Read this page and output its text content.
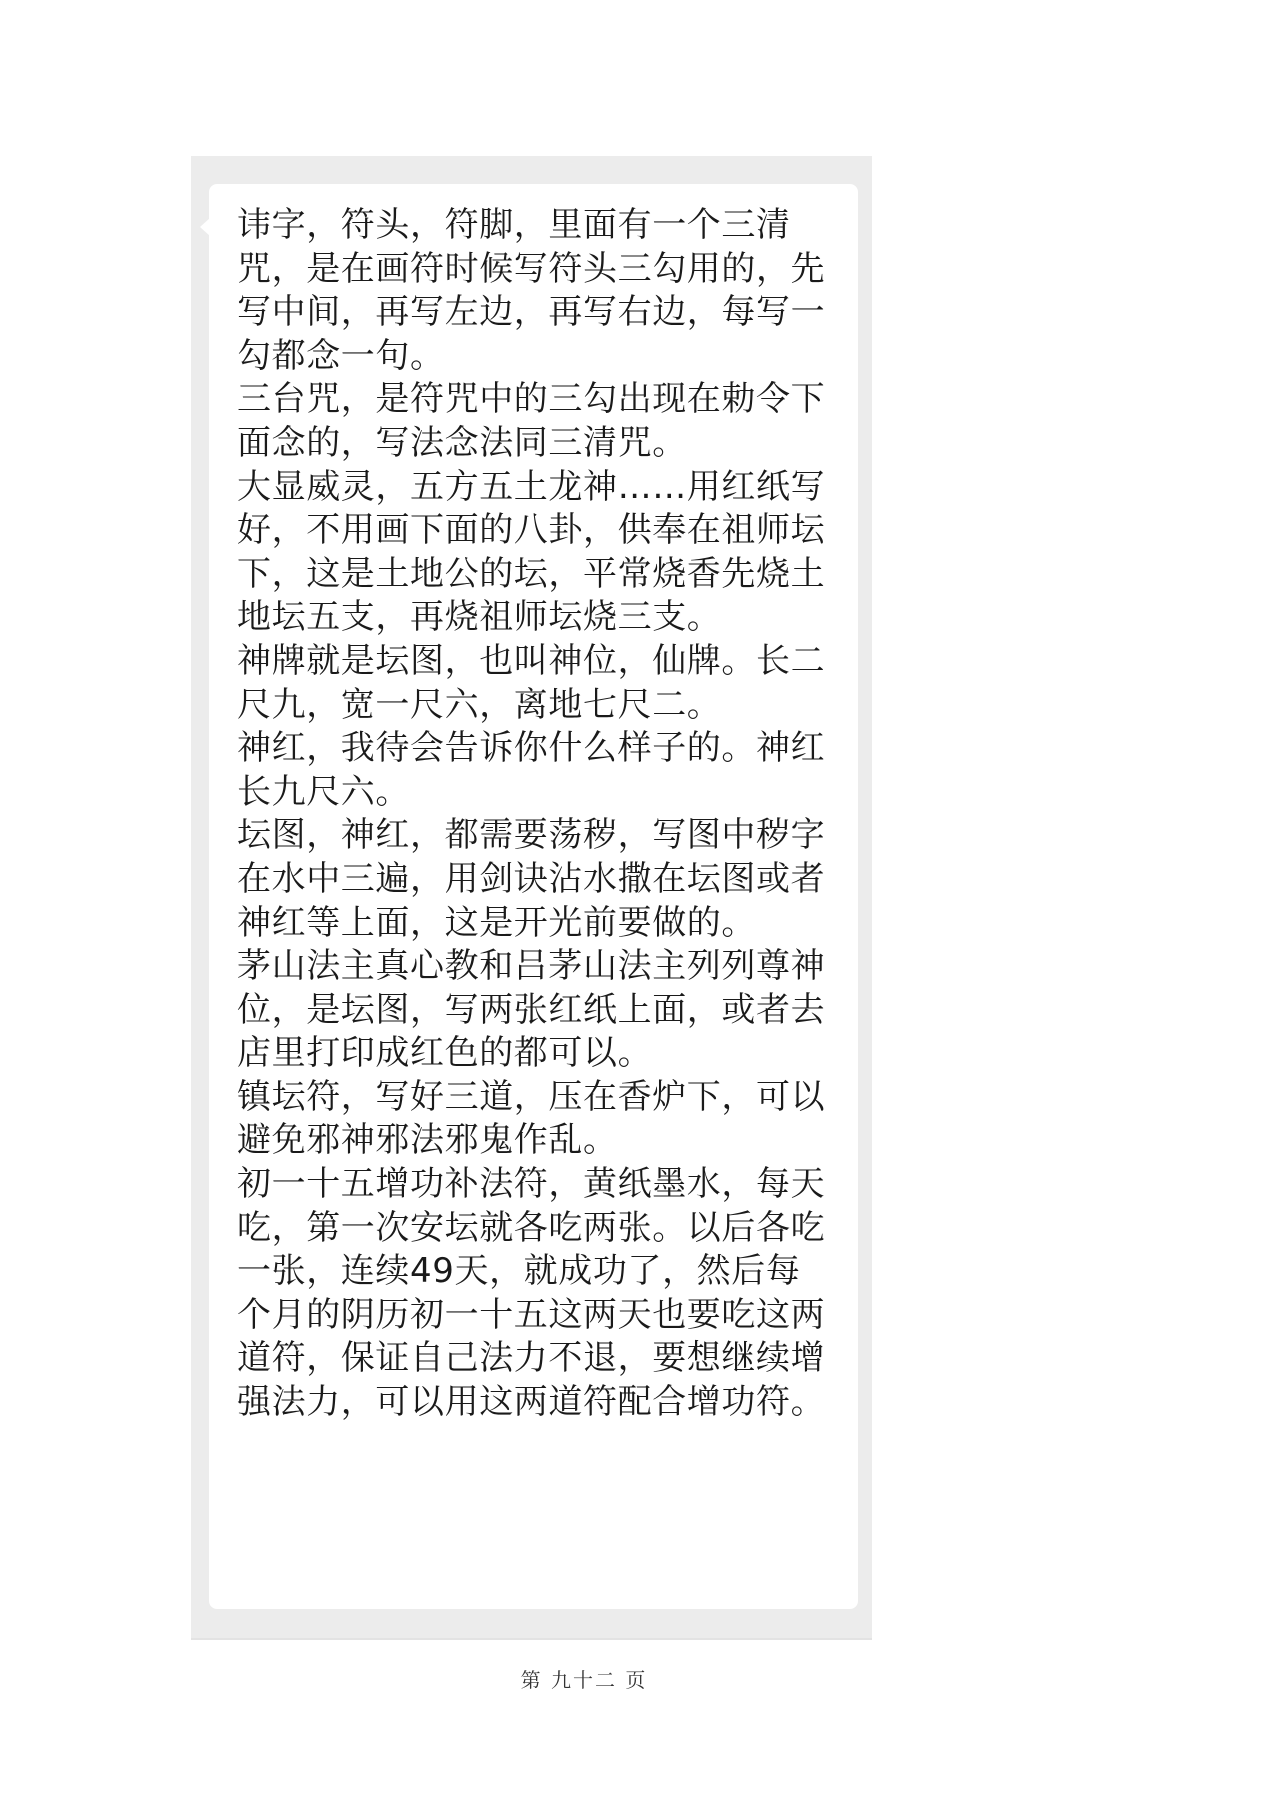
讳字，符头，符脚，里面有一个三清咒，是在画符时候写符头三勾用的，先写中间，再写左边，再写右边，每写一勾都念一句。

三台咒，是符咒中的三勾出现在勅令下面念的，写法念法同三清咒。

大显威灵，五方五土龙神……用红纸写好，不用画下面的八卦，供奉在祖师坛下，这是土地公的坛，平常烧香先烧土地坛五支，再烧祖师坛烧三支。

神牌就是坛图，也叫神位，仙牌。长二尺九，宽一尺六，离地七尺二。

神红，我待会告诉你什么样子的。神红长九尺六。

坛图，神红，都需要荡秽，写图中秽字在水中三遍，用剑诀沾水撒在坛图或者神红等上面，这是开光前要做的。

茅山法主真心教和吕茅山法主列列尊神位，是坛图，写两张红纸上面，或者去店里打印成红色的都可以。

镇坛符，写好三道，压在香炉下，可以避免邪神邪法邪鬼作乱。

初一十五增功补法符，黄纸墨水，每天吃，第一次安坛就各吃两张。以后各吃一张，连续49天，就成功了，然后每个月的阴历初一十五这两天也要吃这两道符，保证自己法力不退，要想继续增强法力，可以用这两道符配合增功符。

第 九十二 页
